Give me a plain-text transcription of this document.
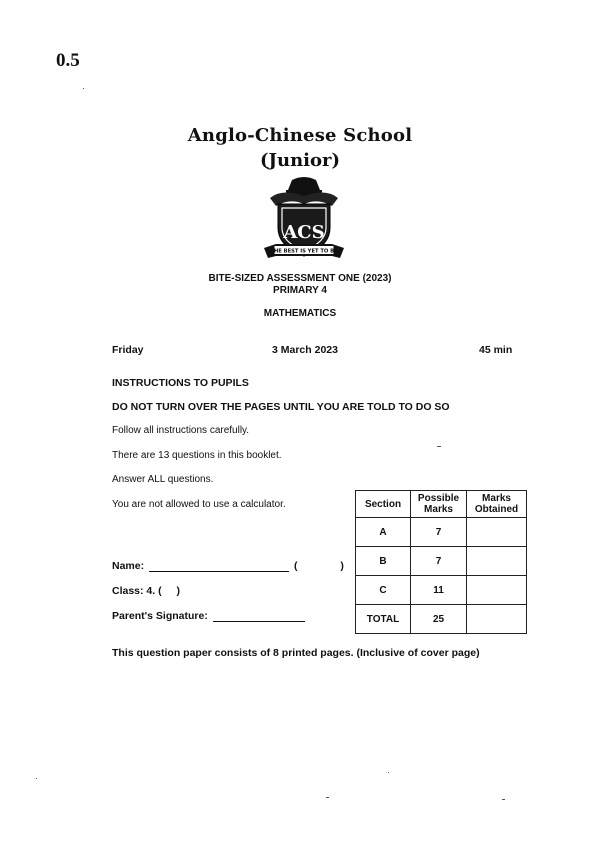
0.5
Anglo-Chinese School
(Junior)
ACS
THE BEST IS YET TO BE
BITE-SIZED ASSESSMENT ONE (2023)
PRIMARY 4
MATHEMATICS
Friday	3 March 2023	45 min
INSTRUCTIONS TO PUPILS
DO NOT TURN OVER THE PAGES UNTIL YOU ARE TOLD TO DO SO
Follow all instructions carefully.
There are 13 questions in this booklet.
Answer ALL questions.
You are not allowed to use a calculator.
Name:	(	)
Class: 4. ( )
Parent's Signature:
Section	Possible Marks	Marks Obtained
A	7	
B	7	
C	11	
TOTAL	25	
This question paper consists of 8 printed pages. (Inclusive of cover page)
